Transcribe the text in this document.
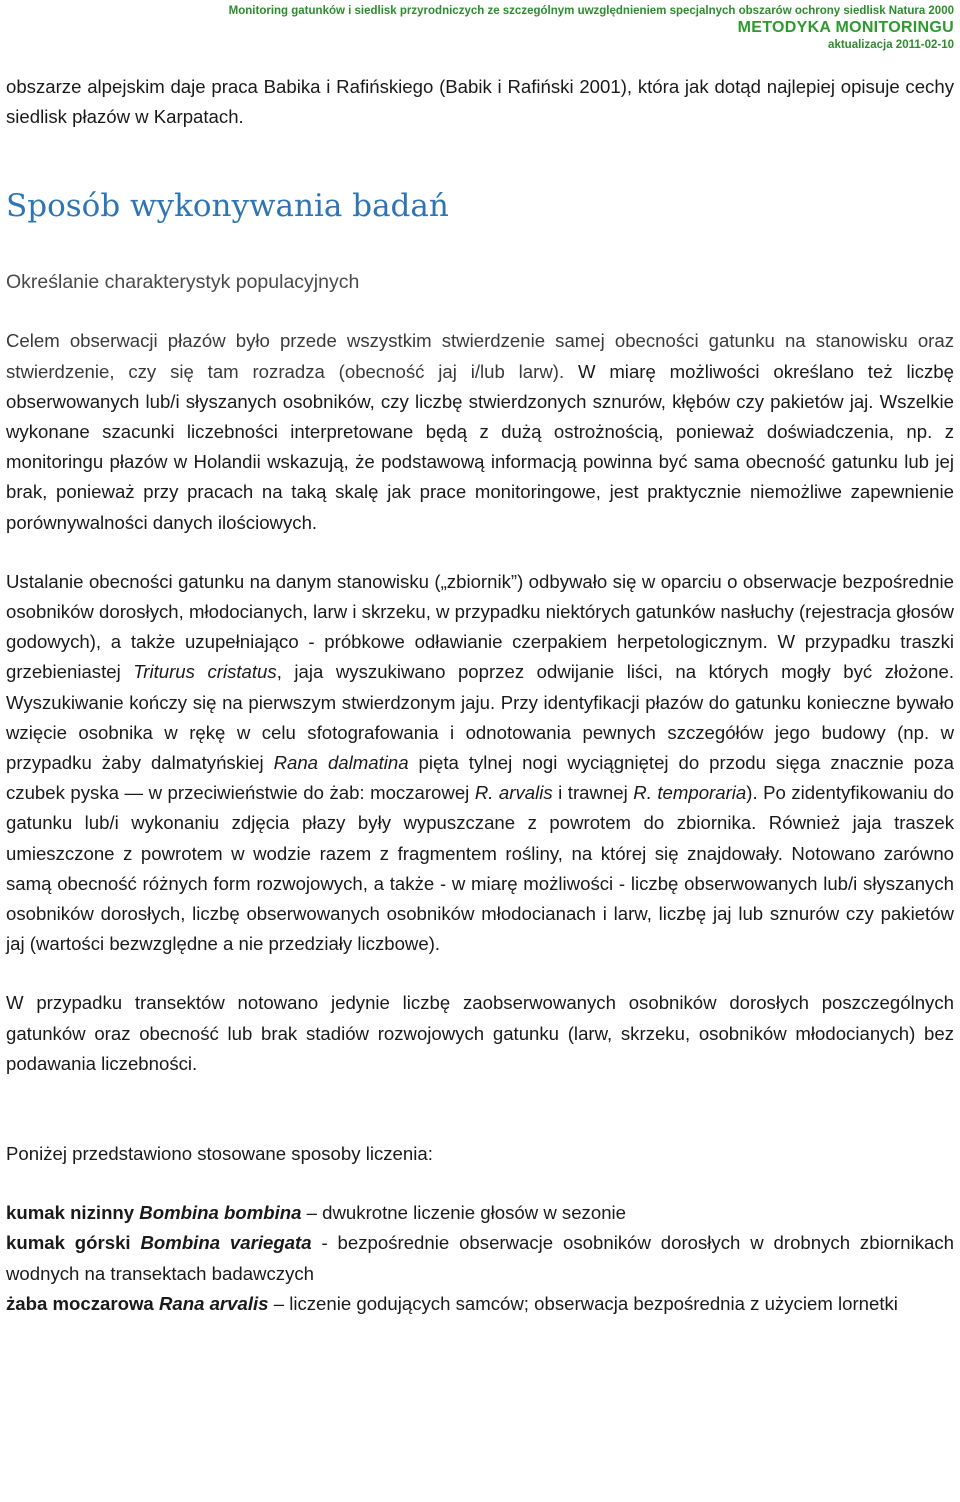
Monitoring gatunków i siedlisk przyrodniczych ze szczególnym uwzględnieniem specjalnych obszarów ochrony siedlisk Natura 2000
METODYKA MONITORINGU
aktualizacja 2011-02-10

obszarze alpejskim daje praca Babika i Rafińskiego (Babik i Rafiński 2001), która jak dotąd najlepiej opisuje cechy siedlisk płazów w Karpatach.

Sposób wykonywania badań

Określanie charakterystyk populacyjnych

Celem obserwacji płazów było przede wszystkim stwierdzenie samej obecności gatunku na stanowisku oraz stwierdzenie, czy się tam rozradza (obecność jaj i/lub larw). W miarę możliwości określano też liczbę obserwowanych lub/i słyszanych osobników, czy liczbę stwierdzonych sznurów, kłębów czy pakietów jaj. Wszelkie wykonane szacunki liczebności interpretowane będą z dużą ostrożnością, ponieważ doświadczenia, np. z monitoringu płazów w Holandii wskazują, że podstawową informacją powinna być sama obecność gatunku lub jej brak, ponieważ przy pracach na taką skalę jak prace monitoringowe, jest praktycznie niemożliwe zapewnienie porównywalności danych ilościowych.

Ustalanie obecności gatunku na danym stanowisku („zbiornik”) odbywało się w oparciu o obserwacje bezpośrednie osobników dorosłych, młodocianych, larw i skrzeku, w przypadku niektórych gatunków nasłuchy (rejestracja głosów godowych), a także uzupełniająco - próbkowe odławianie czerpakiem herpetologicznym. W przypadku traszki grzebieniastej Triturus cristatus, jaja wyszukiwano poprzez odwijanie liści, na których mogły być złożone. Wyszukiwanie kończy się na pierwszym stwierdzonym jaju. Przy identyfikacji płazów do gatunku konieczne bywało wzięcie osobnika w rękę w celu sfotografowania i odnotowania pewnych szczegółów jego budowy (np. w przypadku żaby dalmatyńskiej Rana dalmatina pięta tylnej nogi wyciągniętej do przodu sięga znacznie poza czubek pyska — w przeciwieństwie do żab: moczarowej R. arvalis i trawnej R. temporaria). Po zidentyfikowaniu do gatunku lub/i wykonaniu zdjęcia płazy były wypuszczane z powrotem do zbiornika. Również jaja traszek umieszczone z powrotem w wodzie razem z fragmentem rośliny, na której się znajdowały. Notowano zarówno samą obecność różnych form rozwojowych, a także - w miarę możliwości - liczbę obserwowanych lub/i słyszanych osobników dorosłych, liczbę obserwowanych osobników młodocianach i larw, liczbę jaj lub sznurów czy pakietów jaj (wartości bezwzględne a nie przedziały liczbowe).

W przypadku transektów notowano jedynie liczbę zaobserwowanych osobników dorosłych poszczególnych gatunków oraz obecność lub brak stadiów rozwojowych gatunku (larw, skrzeku, osobników młodocianych) bez podawania liczebności.

Poniżej przedstawiono stosowane sposoby liczenia:

kumak nizinny Bombina bombina – dwukrotne liczenie głosów w sezonie

kumak górski Bombina variegata - bezpośrednie obserwacje osobników dorosłych w drobnych zbiornikach wodnych na transektach badawczych

żaba moczarowa Rana arvalis – liczenie godujących samców; obserwacja bezpośrednia z użyciem lornetki
